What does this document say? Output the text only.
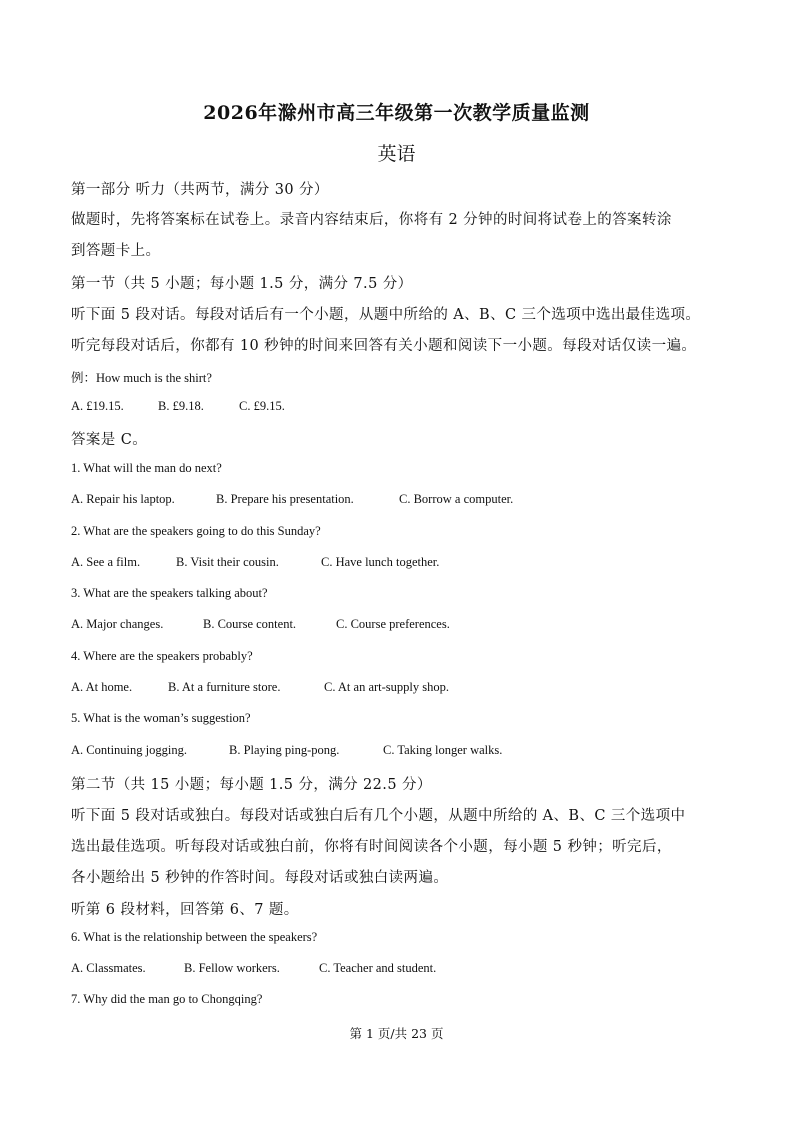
2026年滁州市高三年级第一次教学质量监测
英语
第一部分 听力（共两节，满分 30 分）
做题时，先将答案标在试卷上。录音内容结束后，你将有 2 分钟的时间将试卷上的答案转涂
到答题卡上。
第一节（共 5 小题；每小题 1.5 分，满分 7.5 分）
听下面 5 段对话。每段对话后有一个小题，从题中所给的 A、B、C 三个选项中选出最佳选项。
听完每段对话后，你都有 10 秒钟的时间来回答有关小题和阅读下一小题。每段对话仅读一遍。
例：How much is the shirt?
A. £19.15.	B. £9.18.	C. £9.15.
答案是 C。
1. What will the man do next?
A. Repair his laptop.	B. Prepare his presentation.	C. Borrow a computer.
2. What are the speakers going to do this Sunday?
A. See a film.	B. Visit their cousin.	C. Have lunch together.
3. What are the speakers talking about?
A. Major changes.	B. Course content.	C. Course preferences.
4. Where are the speakers probably?
A. At home.	B. At a furniture store.	C. At an art-supply shop.
5. What is the woman’s suggestion?
A. Continuing jogging.	B. Playing ping-pong.	C. Taking longer walks.
第二节（共 15 小题；每小题 1.5 分，满分 22.5 分）
听下面 5 段对话或独白。每段对话或独白后有几个小题，从题中所给的 A、B、C 三个选项中
选出最佳选项。听每段对话或独白前，你将有时间阅读各个小题，每小题 5 秒钟；听完后，
各小题给出 5 秒钟的作答时间。每段对话或独白读两遍。
听第 6 段材料，回答第 6、7 题。
6. What is the relationship between the speakers?
A. Classmates.	B. Fellow workers.	C. Teacher and student.
7. Why did the man go to Chongqing?
第 1 页/共 23 页
